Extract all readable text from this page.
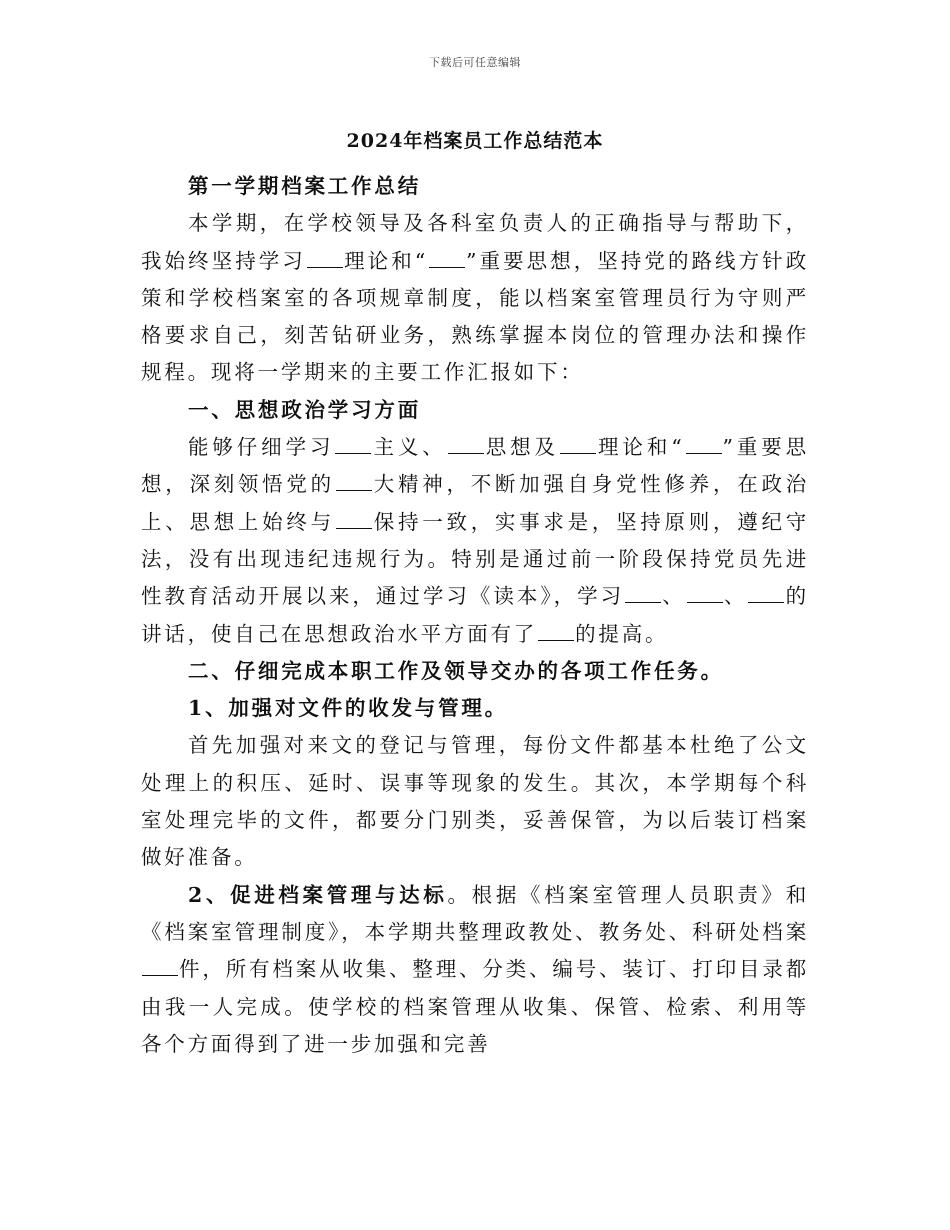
下载后可任意编辑
2024年档案员工作总结范本

第一学期档案工作总结

本学期，在学校领导及各科室负责人的正确指导与帮助下，我始终坚持学习 理论和“ ”重要思想，坚持党的路线方针政策和学校档案室的各项规章制度，能以档案室管理员行为守则严格要求自己，刻苦钻研业务，熟练掌握本岗位的管理办法和操作规程。现将一学期来的主要工作汇报如下：

一、思想政治学习方面

能够仔细学习 主义、 思想及 理论和“ ”重要思想，深刻领悟党的 大精神，不断加强自身党性修养，在政治上、思想上始终与 保持一致，实事求是，坚持原则，遵纪守法，没有出现违纪违规行为。特别是通过前一阶段保持党员先进性教育活动开展以来，通过学习《读本》，学习 、 、 的讲话，使自己在思想政治水平方面有了 的提高。

二、仔细完成本职工作及领导交办的各项工作任务。

1、加强对文件的收发与管理。

首先加强对来文的登记与管理，每份文件都基本杜绝了公文处理上的积压、延时、误事等现象的发生。其次，本学期每个科室处理完毕的文件，都要分门别类，妥善保管，为以后装订档案做好准备。

2、促进档案管理与达标。根据《档案室管理人员职责》和《档案室管理制度》，本学期共整理政教处、教务处、科研处档案件，所有档案从收集、整理、分类、编号、装订、打印目录都由我一人完成。使学校的档案管理从收集、保管、检索、利用等各个方面得到了进一步加强和完善
